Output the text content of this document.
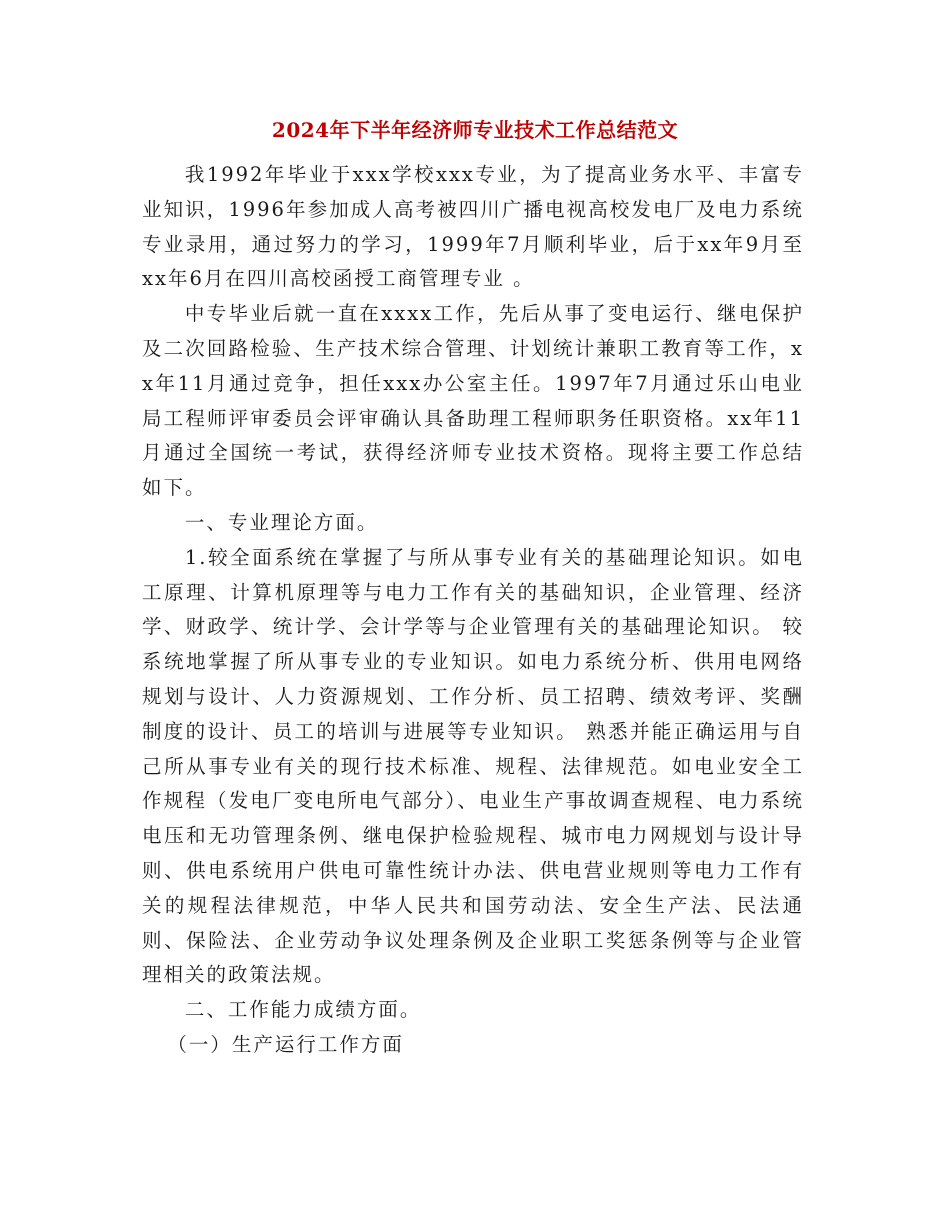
2024年下半年经济师专业技术工作总结范文

我1992年毕业于xxx学校xxx专业，为了提高业务水平、丰富专业知识，1996年参加成人高考被四川广播电视高校发电厂及电力系统专业录用，通过努力的学习，1999年7月顺利毕业，后于xx年9月至xx年6月在四川高校函授工商管理专业 。

中专毕业后就一直在xxxx工作，先后从事了变电运行、继电保护及二次回路检验、生产技术综合管理、计划统计兼职工教育等工作，xx年11月通过竞争，担任xxx办公室主任。1997年7月通过乐山电业局工程师评审委员会评审确认具备助理工程师职务任职资格。xx年11月通过全国统一考试，获得经济师专业技术资格。现将主要工作总结如下。

一、专业理论方面。

1.较全面系统在掌握了与所从事专业有关的基础理论知识。如电工原理、计算机原理等与电力工作有关的基础知识，企业管理、经济学、财政学、统计学、会计学等与企业管理有关的基础理论知识。 较系统地掌握了所从事专业的专业知识。如电力系统分析、供用电网络规划与设计、人力资源规划、工作分析、员工招聘、绩效考评、奖酬制度的设计、员工的培训与进展等专业知识。 熟悉并能正确运用与自己所从事专业有关的现行技术标准、规程、法律规范。如电业安全工作规程（发电厂变电所电气部分）、电业生产事故调查规程、电力系统电压和无功管理条例、继电保护检验规程、城市电力网规划与设计导则、供电系统用户供电可靠性统计办法、供电营业规则等电力工作有关的规程法律规范，中华人民共和国劳动法、安全生产法、民法通则、保险法、企业劳动争议处理条例及企业职工奖惩条例等与企业管理相关的政策法规。

二、工作能力成绩方面。

（一）生产运行工作方面
